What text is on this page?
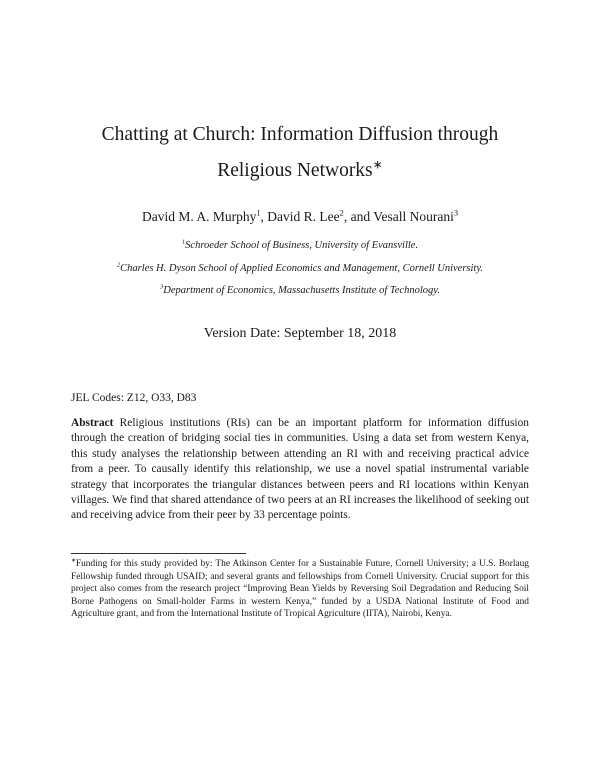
Chatting at Church: Information Diffusion through
Religious Networks∗
David M. A. Murphy$^1$, David R. Lee$^2$, and Vesall Nourani$^3$
$^1$Schroeder School of Business, University of Evansville.
$^2$Charles H. Dyson School of Applied Economics and Management, Cornell University.
$^3$Department of Economics, Massachusetts Institute of Technology.
Version Date: September 18, 2018
JEL Codes: Z12, O33, D83

Abstract Religious institutions (RIs) can be an important platform for information diffusion through the creation of bridging social ties in communities. Using a data set from western Kenya, this study analyses the relationship between attending an RI with and receiving practical advice from a peer. To causally identify this relationship, we use a novel spatial instrumental variable strategy that incorporates the triangular distances between peers and RI locations within Kenyan villages. We find that shared attendance of two peers at an RI increases the likelihood of seeking out and receiving advice from their peer by 33 percentage points.

∗Funding for this study provided by: The Atkinson Center for a Sustainable Future, Cornell University; a U.S. Borlaug Fellowship funded through USAID; and several grants and fellowships from Cornell University. Crucial support for this project also comes from the research project “Improving Bean Yields by Reversing Soil Degradation and Reducing Soil Borne Pathogens on Small-holder Farms in western Kenya,” funded by a USDA National Institute of Food and Agriculture grant, and from the International Institute of Tropical Agriculture (IITA), Nairobi, Kenya.
